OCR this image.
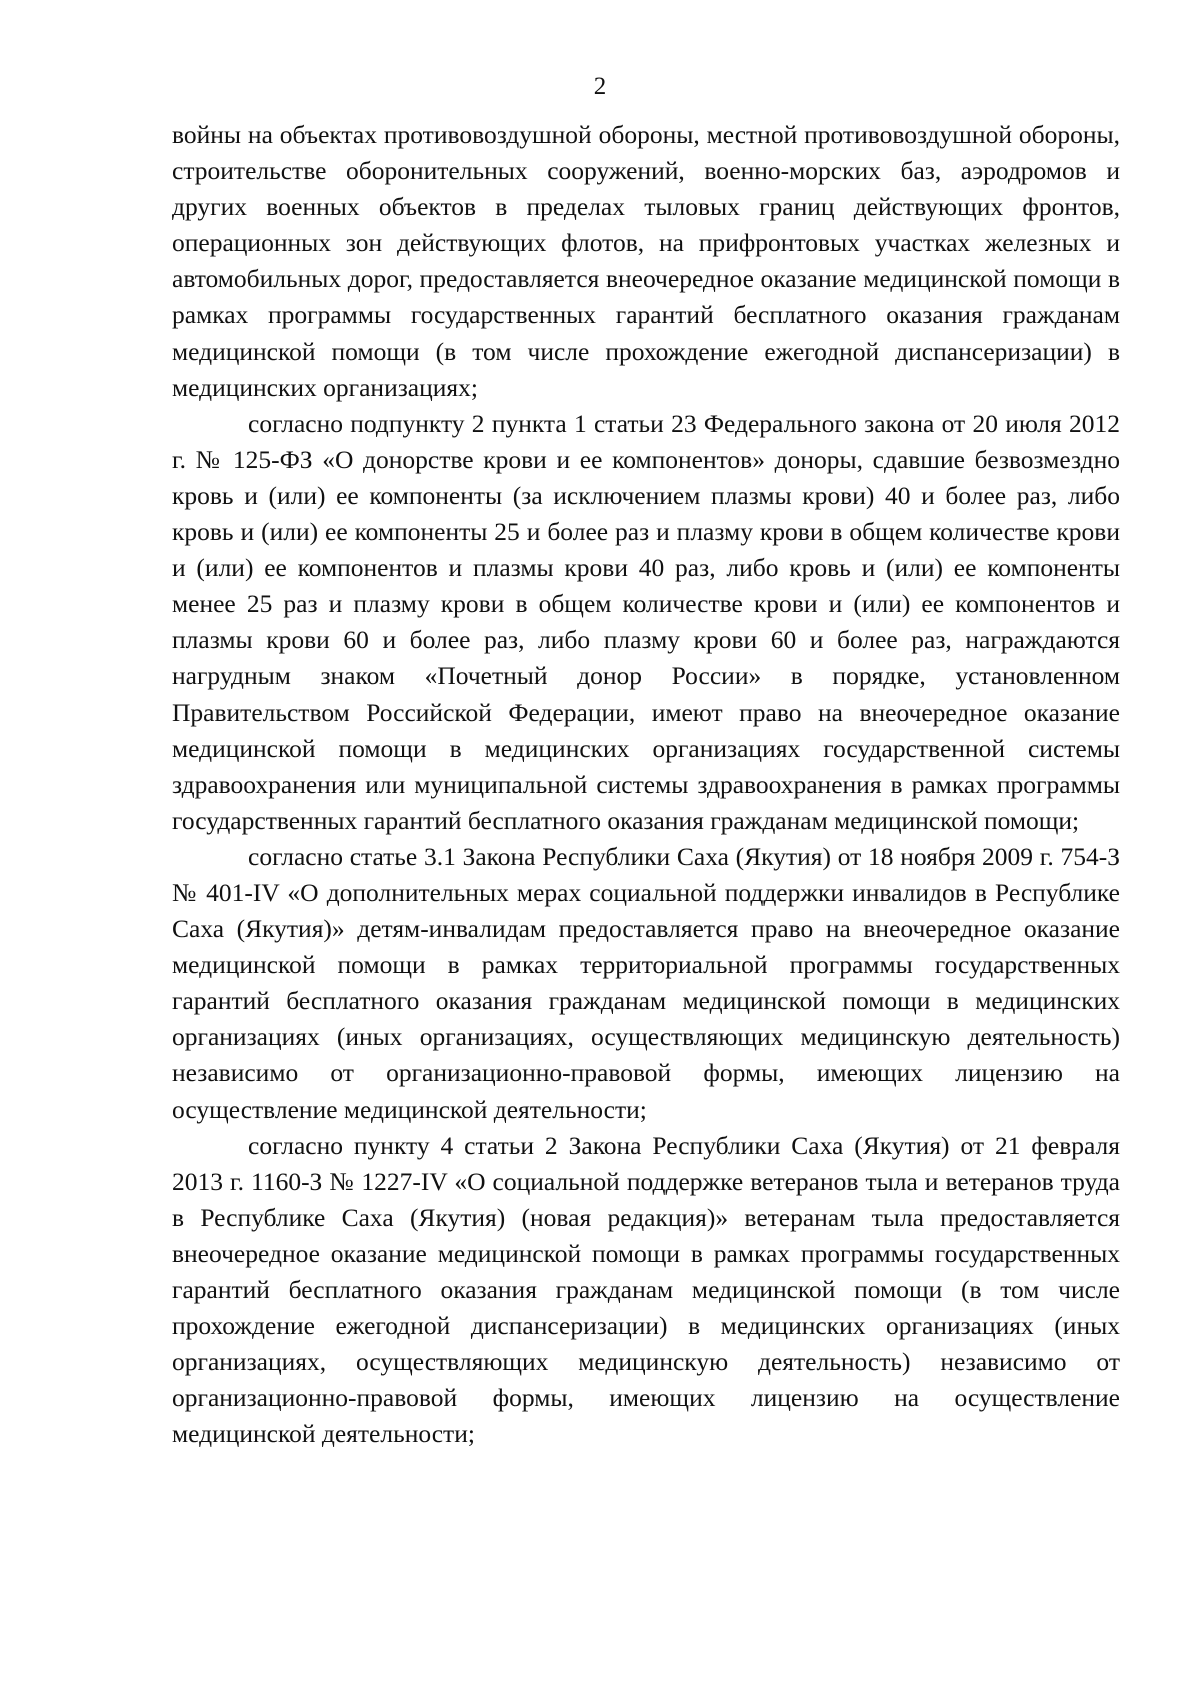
2

войны на объектах противовоздушной обороны, местной противовоздушной обороны, строительстве оборонительных сооружений, военно-морских баз, аэродромов и других военных объектов в пределах тыловых границ действующих фронтов, операционных зон действующих флотов, на прифронтовых участках железных и автомобильных дорог, предоставляется внеочередное оказание медицинской помощи в рамках программы государственных гарантий бесплатного оказания гражданам медицинской помощи (в том числе прохождение ежегодной диспансеризации) в медицинских организациях;

согласно подпункту 2 пункта 1 статьи 23 Федерального закона от 20 июля 2012 г. № 125-ФЗ «О донорстве крови и ее компонентов» доноры, сдавшие безвозмездно кровь и (или) ее компоненты (за исключением плазмы крови) 40 и более раз, либо кровь и (или) ее компоненты 25 и более раз и плазму крови в общем количестве крови и (или) ее компонентов и плазмы крови 40 раз, либо кровь и (или) ее компоненты менее 25 раз и плазму крови в общем количестве крови и (или) ее компонентов и плазмы крови 60 и более раз, либо плазму крови 60 и более раз, награждаются нагрудным знаком «Почетный донор России» в порядке, установленном Правительством Российской Федерации, имеют право на внеочередное оказание медицинской помощи в медицинских организациях государственной системы здравоохранения или муниципальной системы здравоохранения в рамках программы государственных гарантий бесплатного оказания гражданам медицинской помощи;

согласно статье 3.1 Закона Республики Саха (Якутия) от 18 ноября 2009 г. 754-З № 401-IV «О дополнительных мерах социальной поддержки инвалидов в Республике Саха (Якутия)» детям-инвалидам предоставляется право на внеочередное оказание медицинской помощи в рамках территориальной программы государственных гарантий бесплатного оказания гражданам медицинской помощи в медицинских организациях (иных организациях, осуществляющих медицинскую деятельность) независимо от организационно-правовой формы, имеющих лицензию на осуществление медицинской деятельности;

согласно пункту 4 статьи 2 Закона Республики Саха (Якутия) от 21 февраля 2013 г. 1160-З № 1227-IV «О социальной поддержке ветеранов тыла и ветеранов труда в Республике Саха (Якутия) (новая редакция)» ветеранам тыла предоставляется внеочередное оказание медицинской помощи в рамках программы государственных гарантий бесплатного оказания гражданам медицинской помощи (в том числе прохождение ежегодной диспансеризации) в медицинских организациях (иных организациях, осуществляющих медицинскую деятельность) независимо от организационно-правовой формы, имеющих лицензию на осуществление медицинской деятельности;
